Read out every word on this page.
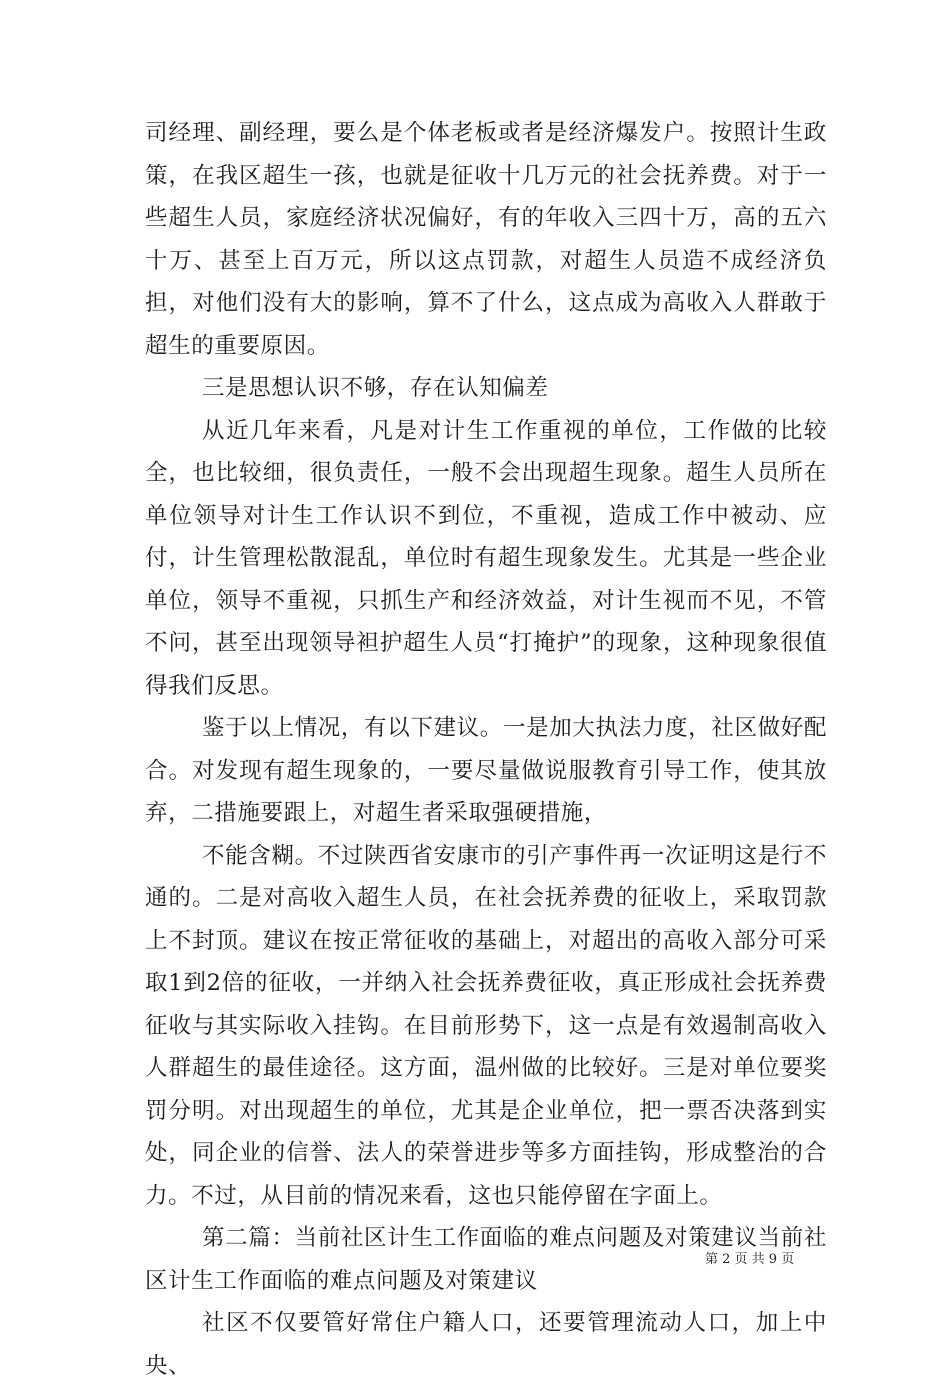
司经理、副经理，要么是个体老板或者是经济爆发户。按照计生政策，在我区超生一孩，也就是征收十几万元的社会抚养费。对于一些超生人员，家庭经济状况偏好，有的年收入三四十万，高的五六十万、甚至上百万元，所以这点罚款，对超生人员造不成经济负担，对他们没有大的影响，算不了什么，这点成为高收入人群敢于超生的重要原因。

三是思想认识不够，存在认知偏差

从近几年来看，凡是对计生工作重视的单位，工作做的比较全，也比较细，很负责任，一般不会出现超生现象。超生人员所在单位领导对计生工作认识不到位，不重视，造成工作中被动、应付，计生管理松散混乱，单位时有超生现象发生。尤其是一些企业单位，领导不重视，只抓生产和经济效益，对计生视而不见，不管不问，甚至出现领导袒护超生人员“打掩护”的现象，这种现象很值得我们反思。

鉴于以上情况，有以下建议。一是加大执法力度，社区做好配合。对发现有超生现象的，一要尽量做说服教育引导工作，使其放弃，二措施要跟上，对超生者采取强硬措施，

不能含糊。不过陕西省安康市的引产事件再一次证明这是行不通的。二是对高收入超生人员，在社会抚养费的征收上，采取罚款上不封顶。建议在按正常征收的基础上，对超出的高收入部分可采取1到2倍的征收，一并纳入社会抚养费征收，真正形成社会抚养费征收与其实际收入挂钩。在目前形势下，这一点是有效遏制高收入人群超生的最佳途径。这方面，温州做的比较好。三是对单位要奖罚分明。对出现超生的单位，尤其是企业单位，把一票否决落到实处，同企业的信誉、法人的荣誉进步等多方面挂钩，形成整治的合力。不过，从目前的情况来看，这也只能停留在字面上。

第二篇：当前社区计生工作面临的难点问题及对策建议当前社区计生工作面临的难点问题及对策建议

社区不仅要管好常住户籍人口，还要管理流动人口，加上中央、

第 2 页 共 9 页
